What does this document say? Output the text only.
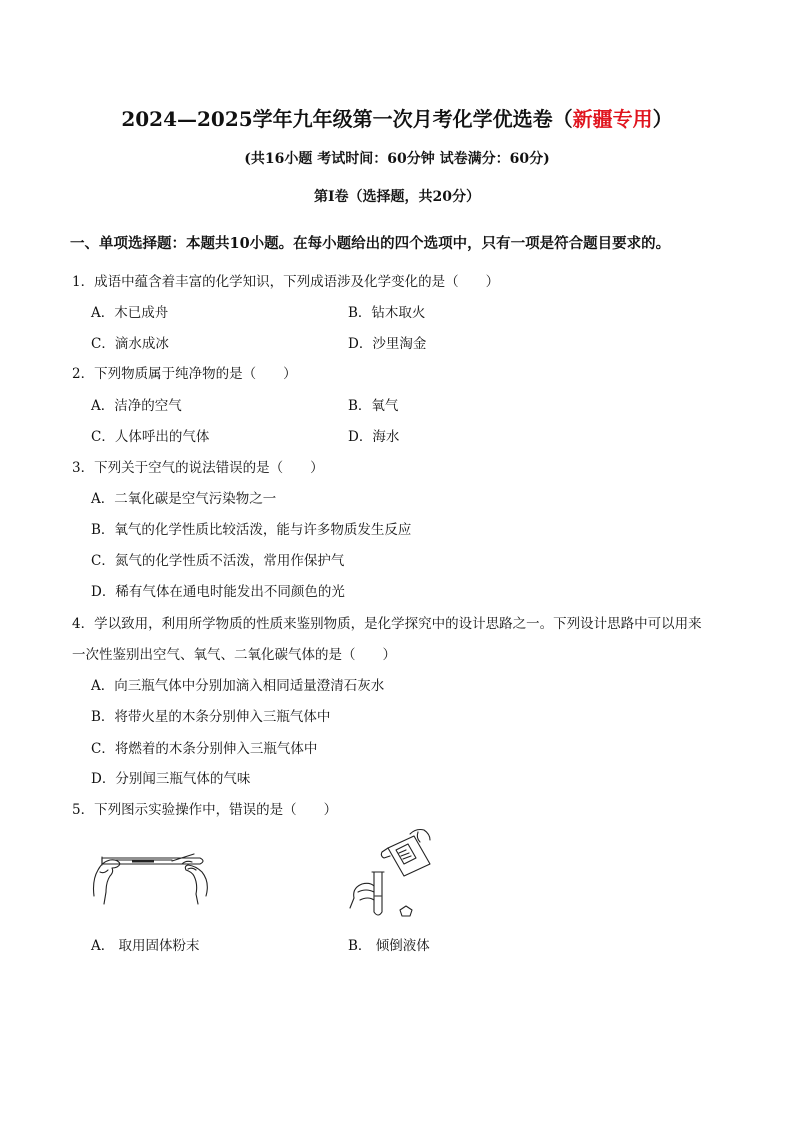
2024—2025学年九年级第一次月考化学优选卷（新疆专用）
(共16小题 考试时间：60分钟 试卷满分：60分)
第Ⅰ卷（选择题，共20分）
一、单项选择题：本题共10小题。在每小题给出的四个选项中，只有一项是符合题目要求的。
1．成语中蕴含着丰富的化学知识，下列成语涉及化学变化的是（　　）
A．木已成舟	B．钻木取火
C．滴水成冰	D．沙里淘金
2．下列物质属于纯净物的是（　　）
A．洁净的空气	B．氧气
C．人体呼出的气体	D．海水
3．下列关于空气的说法错误的是（　　）
A．二氧化碳是空气污染物之一
B．氧气的化学性质比较活泼，能与许多物质发生反应
C．氮气的化学性质不活泼，常用作保护气
D．稀有气体在通电时能发出不同颜色的光
4．学以致用，利用所学物质的性质来鉴别物质，是化学探究中的设计思路之一。下列设计思路中可以用来
一次性鉴别出空气、氧气、二氧化碳气体的是（　　）
A．向三瓶气体中分别加滴入相同适量澄清石灰水
B．将带火星的木条分别伸入三瓶气体中
C．将燃着的木条分别伸入三瓶气体中
D．分别闻三瓶气体的气味
5．下列图示实验操作中，错误的是（　　）
A． 取用固体粉末	B． 倾倒液体
